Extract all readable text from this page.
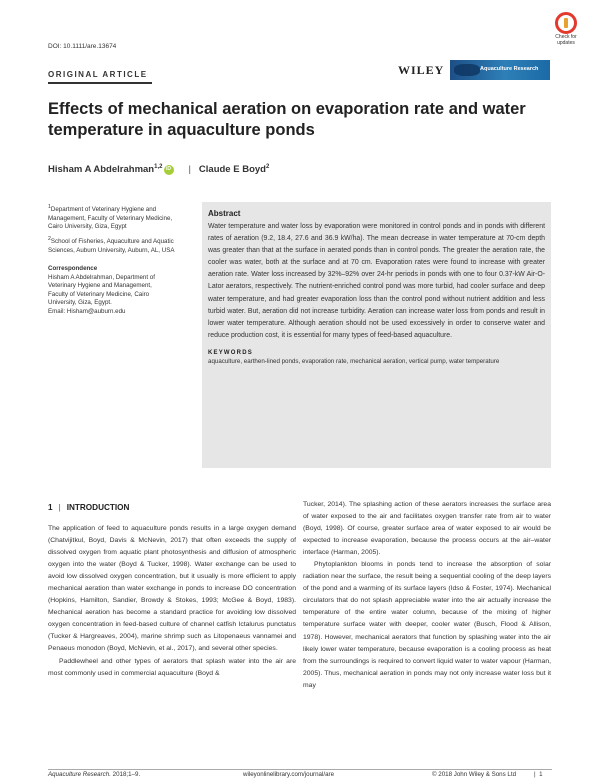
DOI: 10.1111/are.13674
Check for updates
ORIGINAL ARTICLE	WILEY	Aquaculture Research
Effects of mechanical aeration on evaporation rate and water temperature in aquaculture ponds
Hisham A Abdelrahman$^{1,2}$
iD	| Claude E Boyd$^2$

$^1$Department of Veterinary Hygiene and Management, Faculty of Veterinary Medicine, Cairo University, Giza, Egypt

$^2$School of Fisheries, Aquaculture and Aquatic Sciences, Auburn University, Auburn, AL, USA

Correspondence

Hisham A Abdelrahman, Department of
Veterinary Hygiene and Management,
Faculty of Veterinary Medicine, Cairo
University, Giza, Egypt.
Email: Hisham@auburn.edu
Abstract
Water temperature and water loss by evaporation were monitored in control ponds and in ponds with different rates of aeration (9.2, 18.4, 27.6 and 36.9 kW/ha). The mean decrease in water temperature at 70-cm depth was greater than that at the surface in aerated ponds than in control ponds. The greater the aeration rate, the cooler was water, both at the surface and at 70 cm. Evaporation rates were found to increase with greater aeration rate. Water loss increased by 32%–92% over 24-hr periods in ponds with one to four 0.37-kW Air-O-Lator aerators, respectively. The nutrient-enriched control pond was more turbid, had cooler surface and deep water temperature, and had greater evaporation loss than the control pond without nutrient addition and less turbid water. But, aeration did not increase turbidity. Aeration can increase water loss from ponds and result in lower water temperature. Although aeration should not be used excessively in order to conserve water and reduce production cost, it is essential for many types of feed-based aquaculture.
KEYWORDS
aquaculture, earthen-lined ponds, evaporation rate, mechanical aeration, vertical pump, water temperature
1 | INTRODUCTION
The application of feed to aquaculture ponds results in a large oxygen demand (Chatvijitkul, Boyd, Davis & McNevin, 2017) that often exceeds the supply of dissolved oxygen from aquatic plant photosynthesis and diffusion of atmospheric oxygen into the water (Boyd & Tucker, 1998). Water exchange can be used to avoid low dissolved oxygen concentration, but it usually is more efficient to apply mechanical aeration than water exchange in ponds to increase DO concentration (Hopkins, Hamilton, Sandier, Browdy & Stokes, 1993; McGee & Boyd, 1983). Mechanical aeration has become a standard practice for avoiding low dissolved oxygen concentration in feed-based culture of channel catfish Ictalurus punctatus (Tucker & Hargreaves, 2004), marine shrimp such as Litopenaeus vannamei and Penaeus monodon (Boyd, McNevin, et al., 2017), and several other species.
Paddlewheel and other types of aerators that splash water into the air are most commonly used in commercial aquaculture (Boyd &
Tucker, 2014). The splashing action of these aerators increases the surface area of water exposed to the air and facilitates oxygen transfer rate from air to water (Boyd, 1998). Of course, greater surface area of water exposed to air would be expected to increase evaporation, because the process occurs at the air–water interface (Harman, 2005).
Phytoplankton blooms in ponds tend to increase the absorption of solar radiation near the surface, the result being a sequential cooling of the deep layers of the pond and a warming of its surface layers (Idso & Foster, 1974). Mechanical circulators that do not splash appreciable water into the air actually increase the temperature of the entire water column, because of the mixing of higher temperature surface water with deeper, cooler water (Busch, Flood & Allison, 1978). However, mechanical aerators that function by splashing water into the air likely lower water temperature, because evaporation is a cooling process as heat from the surroundings is required to convert liquid water to water vapour (Harman, 2005). Thus, mechanical aeration in ponds may not only increase water loss but it may
Aquaculture Research. 2018;1–9.	wileyonlinelibrary.com/journal/are	© 2018 John Wiley & Sons Ltd	| 1
